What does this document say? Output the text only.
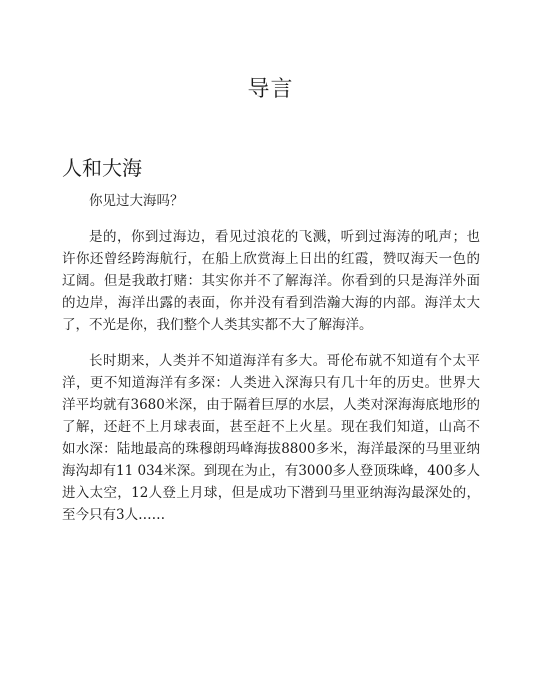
导言
人和大海

你见过大海吗？

是的，你到过海边，看见过浪花的飞溅，听到过海涛的吼声；也许你还曾经跨海航行，在船上欣赏海上日出的红霞，赞叹海天一色的辽阔。但是我敢打赌：其实你并不了解海洋。你看到的只是海洋外面的边岸，海洋出露的表面，你并没有看到浩瀚大海的内部。海洋太大了，不光是你，我们整个人类其实都不大了解海洋。

长时期来，人类并不知道海洋有多大。哥伦布就不知道有个太平洋，更不知道海洋有多深：人类进入深海只有几十年的历史。世界大洋平均就有3680米深，由于隔着巨厚的水层，人类对深海海底地形的了解，还赶不上月球表面，甚至赶不上火星。现在我们知道，山高不如水深：陆地最高的珠穆朗玛峰海拔8800多米，海洋最深的马里亚纳海沟却有11 034米深。到现在为止，有3000多人登顶珠峰，400多人进入太空，12人登上月球，但是成功下潜到马里亚纳海沟最深处的，至今只有3人……
